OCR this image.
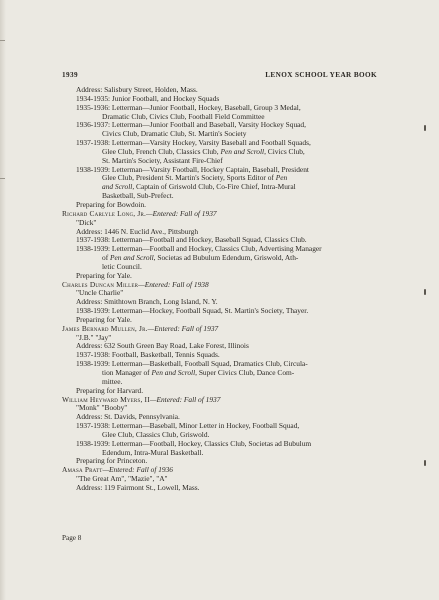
1939	LENOX SCHOOL YEAR BOOK
Address: Salisbury Street, Holden, Mass.
1934-1935: Junior Football, and Hockey Squads
1935-1936: Letterman—Junior Football, Hockey, Baseball, Group 3 Medal,
Dramatic Club, Civics Club, Football Field Committee
1936-1937: Letterman—Junior Football and Baseball, Varsity Hockey Squad,
Civics Club, Dramatic Club, St. Martin's Society
1937-1938: Letterman—Varsity Hockey, Varsity Baseball and Football Squads,
Glee Club, French Club, Classics Club, Pen and Scroll, Civics Club,
St. Martin's Society, Assistant Fire-Chief
1938-1939: Letterman—Varsity Football, Hockey Captain, Baseball, President
Glee Club, President St. Martin's Society, Sports Editor of Pen
and Scroll, Captain of Griswold Club, Co-Fire Chief, Intra-Mural
Basketball, Sub-Prefect.
Preparing for Bowdoin.
Richard Carlyle Long, Jr.—Entered: Fall of 1937
"Dick"
Address: 1446 N. Euclid Ave., Pittsburgh
1937-1938: Letterman—Football and Hockey, Baseball Squad, Classics Club.
1938-1939: Letterman—Football and Hockey, Classics Club, Advertising Manager
of Pen and Scroll, Societas ad Bubulum Edendum, Griswold, Ath-
letic Council.
Preparing for Yale.
Charles Duncan Miller—Entered: Fall of 1938
"Uncle Charlie"
Address: Smithtown Branch, Long Island, N. Y.
1938-1939: Letterman—Hockey, Football Squad, St. Martin's Society, Thayer.
Preparing for Yale.
James Bernard Mullen, Jr.—Entered: Fall of 1937
"J.B." "Jay"
Address: 632 South Green Bay Road, Lake Forest, Illinois
1937-1938: Football, Basketball, Tennis Squads.
1938-1939: Letterman—Basketball, Football Squad, Dramatics Club, Circula-
tion Manager of Pen and Scroll, Super Civics Club, Dance Com-
mittee.
Preparing for Harvard.
William Heyward Myers, II—Entered: Fall of 1937
"Monk" "Booby"
Address: St. Davids, Pennsylvania.
1937-1938: Letterman—Baseball, Minor Letter in Hockey, Football Squad,
Glee Club, Classics Club, Griswold.
1938-1939: Letterman—Football, Hockey, Classics Club, Societas ad Bubulum
Edendum, Intra-Mural Basketball.
Preparing for Princeton.
Amasa Pratt—Entered: Fall of 1936
"The Great Am", "Mazie", "A"
Address: 119 Fairmont St., Lowell, Mass.
Page 8
